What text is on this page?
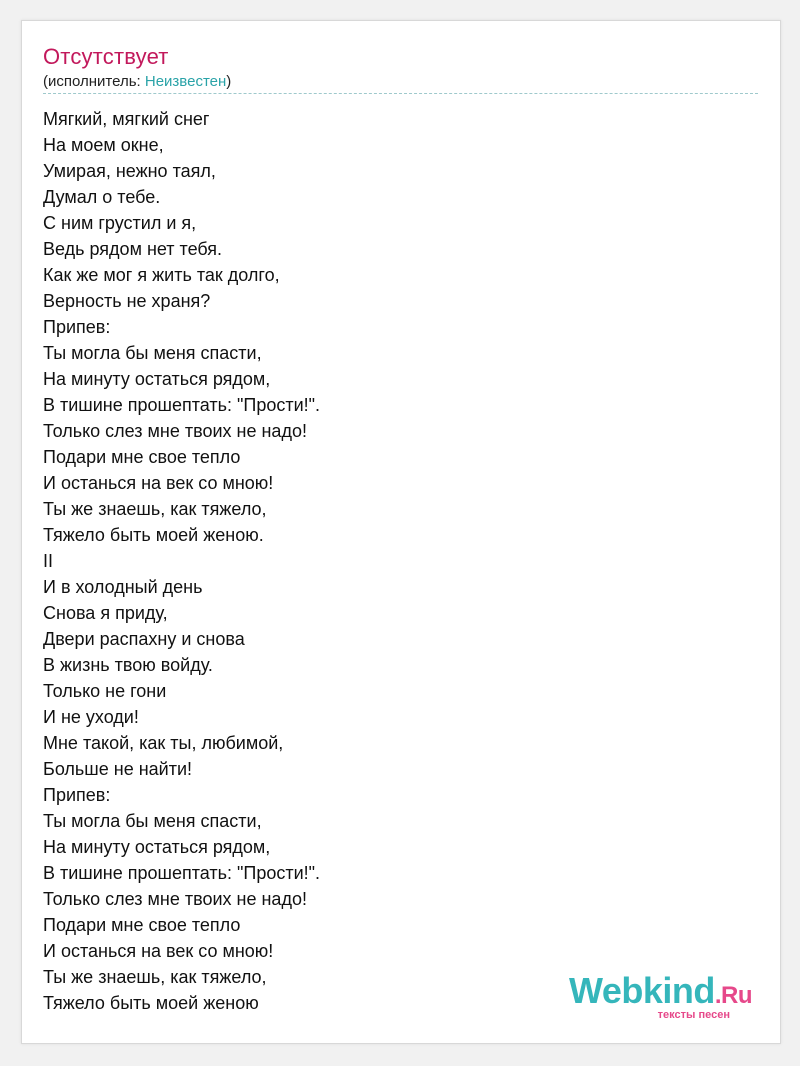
Отсутствует
(исполнитель: Неизвестен)
Мягкий, мягкий снег
На моем окне,
Умирая, нежно таял,
Думал о тебе.
С ним грустил и я,
Ведь рядом нет тебя.
Как же мог я жить так долго,
Верность не храня?
Припев:
Ты могла бы меня спасти,
На минуту остаться рядом,
В тишине прошептать: "Прости!".
Только слез мне твоих не надо!
Подари мне свое тепло
И останься на век со мною!
Ты же знаешь, как тяжело,
Тяжело быть моей женою.
II
И в холодный день
Снова я приду,
Двери распахну и снова
В жизнь твою войду.
Только не гони
И не уходи!
Мне такой, как ты, любимой,
Больше не найти!
Припев:
Ты могла бы меня спасти,
На минуту остаться рядом,
В тишине прошептать: "Прости!".
Только слез мне твоих не надо!
Подари мне свое тепло
И останься на век со мною!
Ты же знаешь, как тяжело,
Тяжело быть моей женою	Webkind.Ru
тексты песен
